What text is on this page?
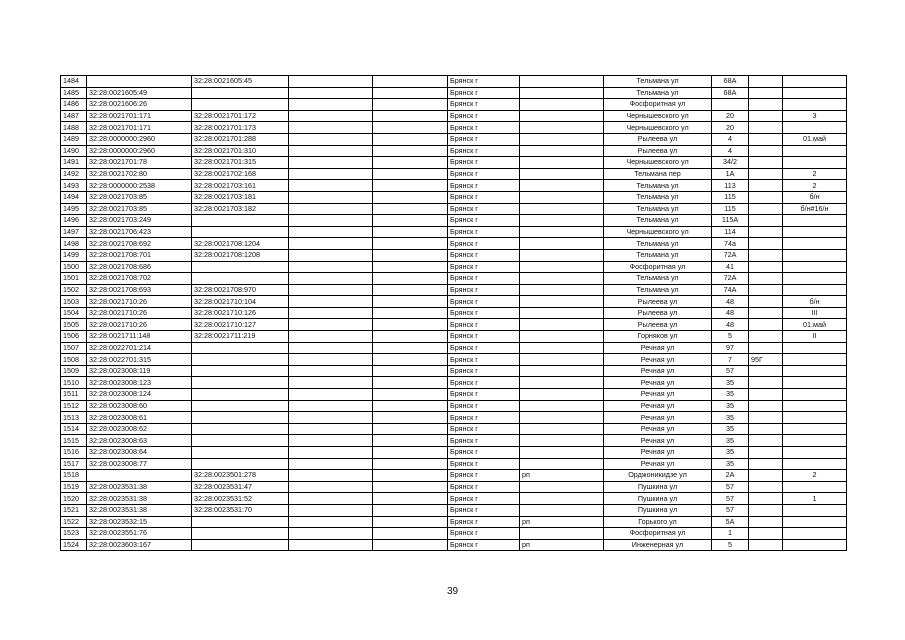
1484		32:28:0021605:45			Брянск г		Тельмана ул	68А		
1485	32:28:0021605:49				Брянск г		Тельмана ул	68А		
1486	32:28:0021606:26				Брянск г		Фосфоритная ул			
1487	32:28:0021701:171	32:28:0021701:172			Брянск г		Чернышевского ул	20		3
1488	32:28:0021701:171	32:28:0021701:173			Брянск г		Чернышевского ул	20		
1489	32:28:0000000:2960	32:28:0021701:288			Брянск г		Рылеева ул	4		01.май
1490	32:28:0000000:2960	32:28:0021701:310			Брянск г		Рылеева ул	4		
1491	32:28:0021701:78	32:28:0021701:315			Брянск г		Чернышевского ул	34/2		
1492	32:28:0021702:80	32:28:0021702:168			Брянск г		Тельмана пер	1А		2
1493	32:28:0000000:2538	32:28:0021703:161			Брянск г		Тельмана ул	113		2
1494	32:28:0021703:85	32:28:0021703:181			Брянск г		Тельмана ул	115		б/н
1495	32:28:0021703:85	32:28:0021703:182			Брянск г		Тельмана ул	115		б/н#16/н
1496	32:28:0021703:249				Брянск г		Тельмана ул	115А		
1497	32:28:0021706:423				Брянск г		Чернышевского ул	114		
1498	32:28:0021708:692	32:28:0021708:1204			Брянск г		Тельмана ул	74а		
1499	32:28:0021708:701	32:28:0021708:1208			Брянск г		Тельмана ул	72А		
1500	32:28:0021708:686				Брянск г		Фосфоритная ул	41		
1501	32:28:0021708:702				Брянск г		Тельмана ул	72А		
1502	32:28:0021708:693	32:28:0021708:970			Брянск г		Тельмана ул	74А		
1503	32:28:0021710:26	32:28:0021710:104			Брянск г		Рылеева ул	48		б/н
1504	32:28:0021710:26	32:28:0021710:126			Брянск г		Рылеева ул	48		III
1505	32:28:0021710:26	32:28:0021710:127			Брянск г		Рылеева ул	48		01.май
1506	32:28:0021711:148	32:28:0021711:219			Брянск г		Горняков ул	5		II
1507	32:28:0022701:214				Брянск г		Речная ул	97		
1508	32:28:0022701:315				Брянск г		Речная ул	7	95Г	
1509	32:28:0023008:119				Брянск г		Речная ул	57		
1510	32:28:0023008:123				Брянск г		Речная ул	35		
1511	32:28:0023008:124				Брянск г		Речная ул	35		
1512	32:28:0023008:60				Брянск г		Речная ул	35		
1513	32:28:0023008:61				Брянск г		Речная ул	35		
1514	32:28:0023008:62				Брянск г		Речная ул	35		
1515	32:28:0023008:63				Брянск г		Речная ул	35		
1516	32:28:0023008:64				Брянск г		Речная ул	35		
1517	32:28:0023008:77				Брянск г		Речная ул	35		
1518		32:28:0023501:278			Брянск г	рп	Орджоникидзе ул	2А		2
1519	32:28:0023531:38	32:28:0023531:47			Брянск г		Пушкина ул	57		
1520	32:28:0023531:38	32:28:0023531:52			Брянск г		Пушкина ул	57		1
1521	32:28:0023531:38	32:28:0023531:70			Брянск г		Пушкина ул	57		
1522	32:28:0023532:15				Брянск г	рп	Горького ул	5А		
1523	32:28:0023551:76				Брянск г		Фосфоритная ул	1		
1524	32:28:0023603:167				Брянск г	рп	Инженерная ул	5		
39
